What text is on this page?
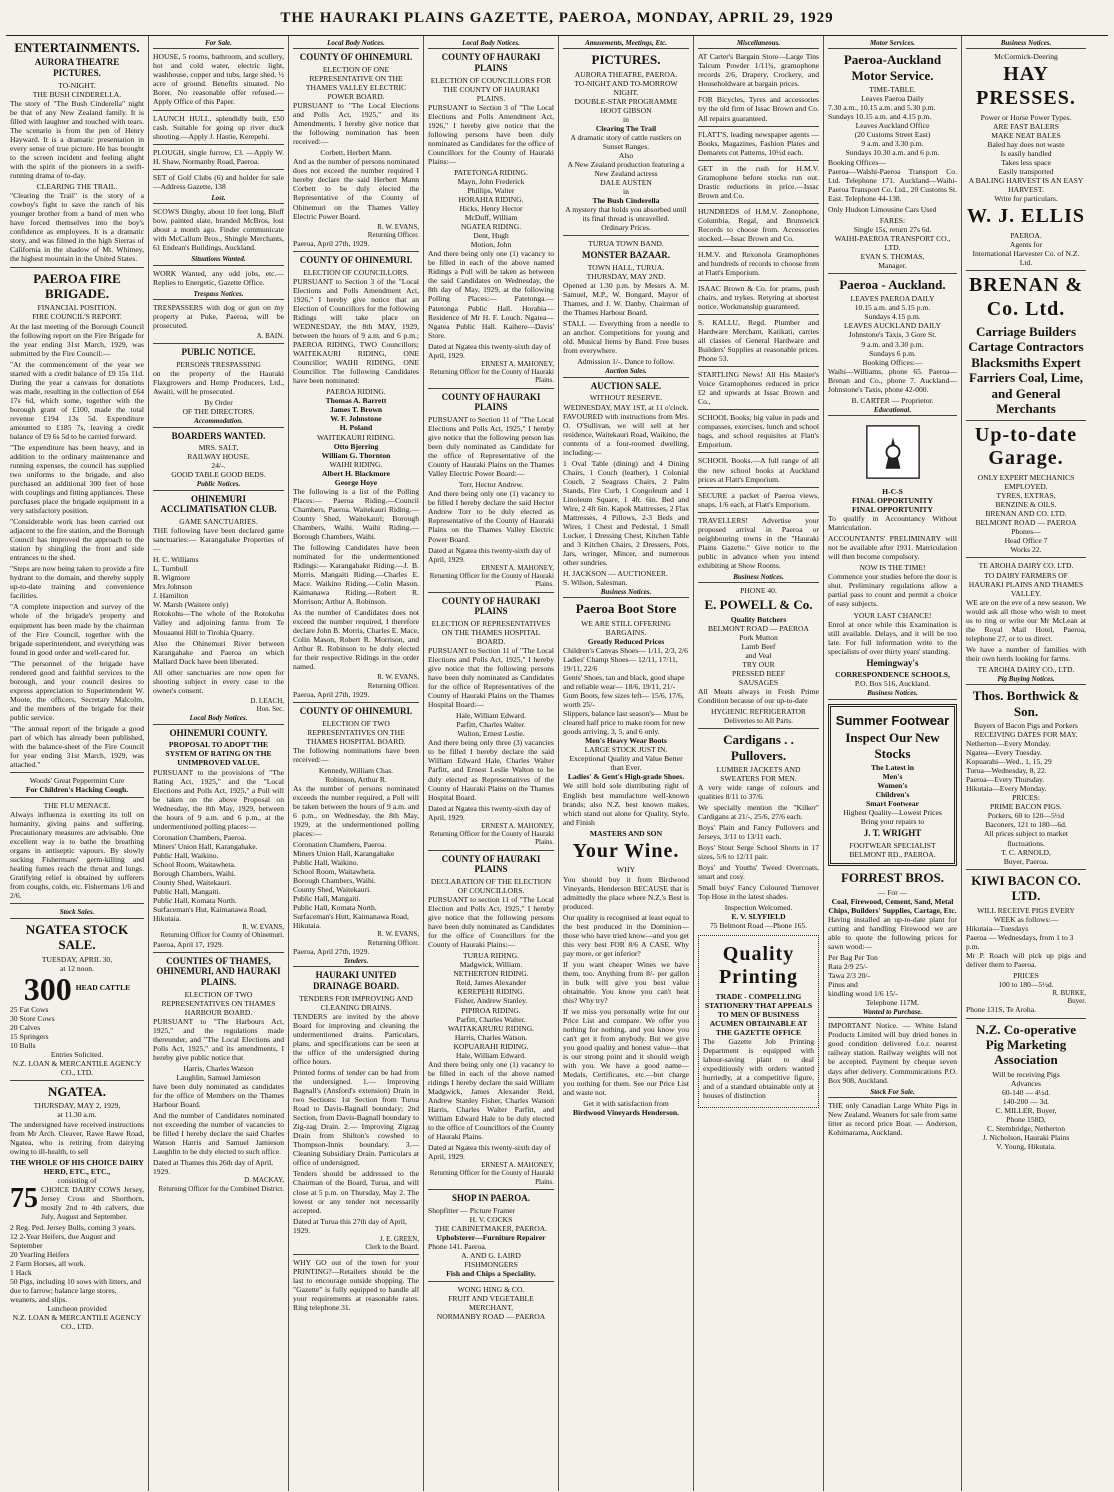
THE HAURAKI PLAINS GAZETTE, PAEROA, MONDAY, APRIL 29, 1929
ENTERTAINMENTS.
AURORA THEATRE PICTURES.
TO-NIGHT.
THE BUSH CINDERELLA.
The story of "The Bush Cinderella" night be that of any New Zealand family. It is filled with laughter and touched with tears. The scenario is from the pen of Henry Hayward. It is a dramatic presentation in every sense of true picture. He has brought to the screen incident and feeling alight with the spirit of the pioneers in a swift-running drama of to-day.
CLEARING THE TRAIL.
"Clearing the Trail" is the story of a cowboy's fight to save the ranch of his younger brother from a band of men who have forced themselves into the boy's confidence as employees. It is a dramatic story, and was filmed in the high Sierras of California in the shadow of Mt. Whitney, the highest mountain in the United States.
PAEROA FIRE BRIGADE.
FINANCIAL POSITION.
FIRE COUNCIL'S REPORT.
At the last meeting of the Borough Council the following report on the Fire Brigade for the year ending 31st March, 1929, was submitted by the Fire Council:—
"At the commencement of the year we started with a credit balance of £9 15s 11d. During the year a canvass for donations was made, resulting in the collection of £64 17s 6d, which some, together with the borough grant of £100, made the total revenue £194 13s 5d. Expenditure amounted to £185 7s, leaving a credit balance of £9 6s 5d to be carried forward.
"The expenditure has been heavy, and in addition to the ordinary maintenance and running expenses, the council has supplied two uniforms to the brigade, and also purchased an additional 300 feet of hose with couplings and fitting appliances. These purchases place the brigade equipment in a very satisfactory position.
"Considerable work has been carried out adjacent to the fire station, and the Borough Council has improved the approach to the station by shingling the front and side entrances to the shed.
"Steps are now being taken to provide a fire hydrant to the domain, and thereby supply up-to-date training and convenience facilities.
"A complete inspection and survey of the whole of the brigade's property and equipment has been made by the chairman of the Fire Council, together with the brigade superintendent, and everything was found in good order and well-cared for.
"The personnel of the brigade have rendered good and faithful services to the borough, and your council desires to express appreciation to Superintendent W. Moote, the officers, Secretary Malcolm, and the members of the brigade for their public service.
"The annual report of the brigade a good part of which has already been published, with the balance-sheet of the Fire Council for year ending 31st March, 1929, was attached."
Woods' Great Peppermint Cure
For Children's Hacking Cough.
THE FLU MENACE.
Always influenza is exerting its toll on humanity, giving pains and suffering. Precautionary measures are advisable. One excellent way is to bathe the breathing organs in antiseptic vapours. By slowly sucking Fishermans' germ-killing and healing fumes reach the throat and lungs. Gratifying relief is obtained by sufferers from coughs, colds, etc. Fishermans 1/6 and 2/6.
Stock Sales.
NGATEA STOCK SALE.
TUESDAY, APRIL 30,
at 12 noon.
300 HEAD CATTLE
25 Fat Cows
30 Store Cows
20 Calves
15 Springers
10 Bulls
Entries Solicited.
N.Z. LOAN & MERCANTILE AGENCY CO., LTD.
NGATEA.
THURSDAY, MAY 2, 1929,
at 11.30 a.m.
The undersigned have received instructions from Mr Arch. Cleaver, Rawe Rawe Road, Ngatea, who is retiring from dairying owing to ill-health, to sell
THE WHOLE OF HIS CHOICE DAIRY HERD, ETC., ETC.,
consisting of
75 CHOICE DAIRY COWS Jersey, Jersey Cross and Shorthorn, mostly 2nd to 4th calvers, due July, August and September.
2 Reg. Ped. Jersey Bulls, coming 3 years.
12 2-Year Heifers, due August and September
20 Yearling Heifers
2 Farm Horses, all work.
1 Hack
50 Pigs, including 10 sows with litters, and due to farrow; balance large stores, weaners, and slips.
Luncheon provided
N.Z. LOAN & MERCANTILE AGENCY CO., LTD.
For Sale.
HOUSE, 5 rooms, bathroom, and scullery, hot and cold water, electric light, washhouse, copper and tubs, large shed, ½ acre of ground. Benefits situated. No Borer. No reasonable offer refused.—Apply Office of this Paper.
LAUNCH HULL, splendidly built, £50 cash. Suitable for going up river duck shooting.—Apply J. Hastie, Kerepehi.
PLOUGH, single furrow, £3. —Apply W. H. Shaw, Normanby Road, Paeroa.
SET of Golf Clubs (6) and holder for sale—Address Gazette, 138
Lost.
SCOWS Dinghy, about 10 feet long, Bluff bow, painted slate, branded McBros, lost about a month ago. Finder communicate with McCallum Bros., Shingle Merchants, 61 Endean's Buildings, Auckland.
Situations Wanted.
WORK Wanted, any odd jobs, etc.—Replies to Energetic, Gazette Office.
Trespass Notices.
TRESPASSERS with dog or gun on my property at Puke, Paeroa, will be prosecuted.
A. BAIN.
PUBLIC NOTICE.
PERSONS TRESPASSING
on the property of the Hauraki Flaxgrowers and Hemp Producers, Ltd., Awaiti, will be prosecuted.
By Order
OF THE DIRECTORS.
Accommodation.
BOARDERS WANTED.
MRS. SALT,
RAILWAY HOUSE.
24/-.
GOOD TABLE GOOD BEDS.
Public Notices.
OHINEMURI ACCLIMATISATION CLUB.
GAME SANCTUARIES.
THE following have been declared game sanctuaries:— Karangahake Properties of—
H. C. Williams
L. Turnbull
R. Wigmore
Mrs Johnson
J. Hamilton
W. Marsh (Waitere only)
Rotokohu—The whole of the Rotokohu Valley and adjoining farms from Te Mouaanui Hill to Tirohia Quarry.
Also the Ohinemuri River between Karangahake and Paeroa on which Mallard Duck have been liberated.
All other sanctuaries are now open for shooting subject in every case to the owner's consent.
D. LEACH,
Hon. Sec.
Local Body Notices.
OHINEMURI COUNTY.
PROPOSAL TO ADOPT THE SYSTEM OF RATING ON THE UNIMPROVED VALUE.
PURSUANT to the provisions of "The Rating Act, 1925," and the "Local Elections and Polls Act, 1925," a Poll will be taken on the above Proposal on Wednesday, the 8th May, 1929, between the hours of 9 a.m. and 6 p.m., at the undermentioned polling places:—
Coronation Chambers, Paeroa.
Miners' Union Hall, Karangahake.
Public Hall, Waikino.
School Room, Waitawheta.
Borough Chambers, Waihi.
County Shed, Waitekauri.
Public Hall, Mangaiti.
Public Hall, Komata North.
Surfaceman's Hut, Kaimanawa Road, Hikutaia.
R. W. EVANS,
Returning Officer for County of Ohinemuri.
Paeroa, April 17, 1929.
COUNTIES OF THAMES, OHINEMURI, AND HAURAKI PLAINS.
ELECTION OF TWO REPRESENTATIVES ON THAMES HARBOUR BOARD.
PURSUANT to "The Harbours Act, 1925," and the regulations made thereunder, and "The Local Elections and Polls Act, 1925," and its amendments, I hereby give public notice that
Harris, Charles Watson
Laughlin, Samuel Jamieson
have been duly nominated as candidates for the office of Members on the Thames Harbour Board.
And the number of Candidates nominated not exceeding the number of vacancies to be filled I hereby declare the said Charles Watson Harris and Samuel Jamieson Laughlin to be duly elected to such office.
Dated at Thames this 26th day of April, 1929.
D. MACKAY,
Returning Officer for the Combined District.
Local Body Notices.
COUNTY OF OHINEMURI.
ELECTION OF ONE REPRESENTATIVE ON THE THAMES VALLEY ELECTRIC POWER BOARD.
PURSUANT to "The Local Elections and Polls Act, 1925," and its Amendments, I hereby give notice that the following nomination has been received:—
Corbett, Herbert Mann.
And as the number of persons nominated does not exceed the number required I hereby declare the said Herbert Mann Corbett to be duly elected the Representative of the County of Ohinemuri on the Thames Valley Electric Power Board.
R. W. EVANS,
Returning Officer.
Paeroa, April 27th, 1929.
COUNTY OF OHINEMURI.
ELECTION OF COUNCILLORS.
PURSUANT to Section 3 of the "Local Elections and Polls Amendment Act, 1926," I hereby give notice that an Election of Councillors for the following Ridings will take place on WEDNESDAY, the 8th MAY, 1929, between the hours of 9 a.m. and 6 p.m.; PAEROA RIDING, TWO Councillors; WAITEKAURI RIDING, ONE Councillor; WAIHI RIDING, ONE Councillor. The following Candidates have been nominated:
PAEROA RIDING.
Thomas A. Barrett
James T. Brown
W. F. Johnstone
H. Poland
WAITEKAURI RIDING.
Otto Bjerring
William G. Thornton
WAIHI RIDING.
Albert H. Blackmore
George Hoye
The following is a list of the Polling Places:— Paeroa Riding.—Council Chambers, Paeroa. Waitekauri Riding.— County Shed, Waitekauri; Borough Chambers, Waihi. Waihi Riding.—Borough Chambers, Waihi.
The following Candidates have been nominated for the undermentioned Ridings:— Karangahake Riding.—J. B. Morris. Mangaiti Riding.—Charles E. Mace. Waikino Riding.—Colin Mason. Kaimanawa Riding.—Robert R. Morrison; Arthur A. Robinson.
As the number of Candidates does not exceed the number required, I therefore declare John B. Morris, Charles E. Mace, Colin Mason, Robert R. Morrison, and Arthur R. Robinson to be duly elected for their respective Ridings in the order named.
R. W. EVANS,
Returning Officer.
Paeroa, April 27th, 1929.
COUNTY OF OHINEMURI.
ELECTION OF TWO REPRESENTATIVES ON THE THAMES HOSPITAL BOARD.
The following nominations have been received:—
Kennedy, William Chas.
Robinson, Arthur R.
As the number of persons nominated exceeds the number required, a Poll will be taken between the hours of 9 a.m. and 6 p.m., on Wednesday, the 8th May, 1929, at the undermentioned polling places:—
Coronation Chambers, Paeroa.
Miners Union Hall, Karangahake
Public Hall, Waikino.
School Room, Waitawheta.
Borough Chambers, Waihi.
County Shed, Waitekauri.
Public Hall, Mangaiti.
Public Hall, Komata North.
Surfaceman's Hutt, Kaimanawa Road, Hikutaia.
R. W. EVANS,
Returning Officer.
Paeroa, April 27th, 1929.
Tenders.
HAURAKI UNITED DRAINAGE BOARD.
TENDERS FOR IMPROVING AND CLEANING DRAINS.
TENDERS are invited by the above Board for improving and cleaning the undermentioned drains. Particulars, plans, and specifications can be seen at the office of the undersigned during office hours.
Printed forms of tender can be had from the undersigned. 1.— Improving Bagnall's (Ansford's extension) Drain in two Sections: 1st Section from Turua Road to Davis-Bagnall boundary; 2nd Section, from Davis-Bagnall boundary to Zig-zag Drain. 2.— Improving Zigzag Drain from Shilton's cowshed to Thompson-Innis boundary. 3.— Cleaning Subsidiary Drain. Particulars at office of undersigned.
Tenders should be addressed to the Chairman of the Board, Turua, and will close at 5 p.m. on Thursday, May 2. The lowest or any tender not necessarily accepted.
Dated at Turua this 27th day of April, 1929.
J. E. GREEN,
Clerk to the Board.
WHY GO out of the town for your PRINTING?—Retailers should be the last to encourage outside shopping. The "Gazette" is fully equipped to handle all your requirements at reasonable rates. Ring telephone 31.
Local Body Notices.
COUNTY OF HAURAKI PLAINS
ELECTION OF COUNCILLORS FOR THE COUNTY OF HAURAKI PLAINS.
PURSUANT to Section 3 of "The Local Elections and Polls Amendment Act, 1926," I hereby give notice that the following persons have been duly nominated as Candidates for the office of Councillors for the County of Hauraki Plains:—
PATETONGA RIDING.
Mayn, John Frederick
Phillips, Walter
HORAHIA RIDING.
Hicks, Henry Hector
McDuff, William
NGATEA RIDING.
Dent, Hugh
Motion, John
And there being only one (1) vacancy to be filled in each of the above named Ridings a Poll will be taken as between the said Candidates on Wednesday, the 8th day of May, 1929, at the following Polling Places:— Patetonga.— Patetonga Public Hall. Horahia—Residence of Mr H. F. Louch. Ngatea—Ngatea Public Hall. Kaihere—Davis' Store.
Dated at Ngatea this twenty-sixth day of April, 1929.
ERNEST A. MAHONEY,
Returning Officer for the County of Hauraki Plains.
COUNTY OF HAURAKI PLAINS
PURSUANT to Section 11 of "The Local Elections and Polls Act, 1925," I hereby give notice that the following person has been duly nominated as Candidate for the office of Representative of the County of Hauraki Plains on the Thames Valley Electric Power Board:—
Torr, Hector Andrew.
And there being only one (1) vacancy to be filled I hereby declare the said Hector Andrew Torr to be duly elected as Representative of the County of Hauraki Plains on the Thames Valley Electric Power Board.
Dated at Ngatea this twenty-sixth day of April, 1929.
ERNEST A. MAHONEY,
Returning Officer for the County of Hauraki Plains.
COUNTY OF HAURAKI PLAINS
ELECTION OF REPRESENTATIVES ON THE THAMES HOSPITAL BOARD.
PURSUANT to Section 11 of "The Local Elections and Polls Act, 1925," I hereby give notice that the following persons have been duly nominated as Candidates for the office of Representatives of the County of Hauraki Plains on the Thames Hospital Board:—
Hale, William Edward.
Parfitt, Charles Walter.
Walton, Ernest Leslie.
And there being only three (3) vacancies to be filled I hereby declare the said William Edward Hale, Charles Walter Parfitt, and Ernest Leslie Walton to be duly elected as Representatives of the County of Hauraki Plains on the Thames Hospital Board.
Dated at Ngatea this twenty-sixth day of April, 1929.
ERNEST A. MAHONEY,
Returning Officer for the County of Hauraki Plains.
COUNTY OF HAURAKI PLAINS
DECLARATION OF THE ELECTION OF COUNCILLORS.
PURSUANT to section 11 of "The Local Election and Polls Act, 1925," I hereby give notice that the following persons have been duly nominated as Candidates for the office of Councillors for the County of Hauraki Plains:—
TURUA RIDING.
Madgwick, William.
NETHERTON RIDING.
Reid, James Alexander
KEREPEHI RIDING.
Fisher, Andrew Stanley.
PIPIROA RIDING.
Parfitt, Charles Walter.
WAITAKARURU RIDING.
Harris, Charles Watson.
KOPUARAHI RIDING.
Hale, William Edward.
And there being only one (1) vacancy to be filled in each of the above named ridings I hereby declare the said William Madgwick, James Alexander Reid, Andrew Stanley Fisher, Charles Watson Harris, Charles Walter Parfitt, and William Edward Hale to be duly elected to the office of Councillors of the County of Hauraki Plains.
Dated at Ngatea this twenty-sixth day of April, 1929.
ERNEST A. MAHONEY,
Returning Officer for the County of Hauraki Plains.
SHOP IN PAEROA.
Shopfitter — Picture Framer
H. V. COCKS
THE CABINETMAKER, PAEROA.
Upholsterer—Furniture Repairer
Phone 141. Paeroa.
A. AND G. LAIRD
FISHMONGERS
Fish and Chips a Speciality.
WONG HING & CO.
FRUIT AND VEGETABLE MERCHANT,
NORMANBY ROAD — PAEROA
Amusements, Meetings, Etc.
PICTURES.
AURORA THEATRE, PAEROA.
TO-NIGHT AND TO-MORROW NIGHT.
DOUBLE-STAR PROGRAMME
HOOT GIBSON
in
Clearing The Trail
A dramatic story of cattle rustlers on Sunset Ranges.
Also
A New Zealand production featuring a New Zealand actress
DALE AUSTEN
in
The Bush Cinderella
A mystery that holds you absorbed until its final thread is unravelled.
Ordinary Prices.
TURUA TOWN BAND.
MONSTER BAZAAR.
TOWN HALL, TURUA.
THURSDAY, MAY 2ND.
Opened at 1.30 p.m. by Messrs A. M. Samuel, M.P., W. Bongard, Mayor of Thames, and J. W. Danby, Chairman of the Thames Harbour Board.
STALL — Everything from a needle to an anchor. Competitions for young and old. Musical Items by Band. Free buses from everywhere.
Admission 1/-. Dance to follow.
Auction Sales.
AUCTION SALE.
WITHOUT RESERVE.
WEDNESDAY, MAY 1ST, at 11 o'clock.
FAVOURED with instructions from Mrs. O. O'Sullivan, we will sell at her residence, Waitekauri Road, Waikino, the contents of a four-roomed dwelling, including:—
1 Oval Table (dining) and 4 Dining Chairs, 1 Couch (leather), 1 Colonial Couch, 2 Seagrass Chairs, 2 Palm Stands, Fire Curb, 1 Congoleum and 1 Linoleum Square, 1 4ft. 6in. Bed and Wire, 2 4ft 6in. Kapok Mattresses, 2 Flax Mattresses, 4 Pillows, 2-3 Beds and Wires, 1 Chest and Pedestal, 1 Small Locker, 1 Dressing Chest, Kitchen Table and 3 Kitchen Chairs, 2 Dressers, Pots, Jars, wringer, Mincer, and numerous other sundries.
H. JACKSON — AUCTIONEER.
S. Wilson, Salesman.
Business Notices.
Paeroa Boot Store
WE ARE STILL OFFERING BARGAINS.
Greatly Reduced Prices
Children's Canvas Shoes— 1/11, 2/3, 2/6
Ladies' Champ Shoes— 12/11, 17/11, 19/11, 22/6
Gents' Shoes, tan and black, good shape and reliable wear— 18/6, 19/11, 21/-
Gum Boots, few sizes left— 15/6, 17/6, worth 25/-
Slippers, balance last season's— Must be cleared half price to make room for new goods arriving, 3, 5, and 6 only.
Men's Heavy Wear Boots
LARGE STOCK JUST IN.
Exceptional Quality and Value Better than Ever.
Ladies' & Gent's High-grade Shoes.
We still hold sole distributing right of English best manufacture well-known brands; also N.Z. best known makes, which stand out alone for Quality, Style, and Finish
MASTERS AND SON
Your Wine.
WHY
You should buy it from Birdwood Vineyards, Henderson BECAUSE that is admittedly the place where N.Z.'s Best is produced.
Our quality is recognised at least equal to the best produced in the Dominion—those who have tried know—and you get this very best FOR 8/6 A CASE. Why pay more, or get inferior?
If you want cheaper Wines we have them, too. Anything from 8/- per gallon in bulk will give you best value obtainable. You know you can't beat this? Why try?
If we miss you personally write for our Price List and compare. We offer you nothing for nothing, and you know you can't get it from anybody. But we give you good quality and honest value—that is our strong point and it should weigh with you. We have a good name—Medals, Certificates, etc.—but charge you nothing for them. See our Price List and waste not.
Get it with satisfaction from
Birdwood Vineyards Henderson.
Miscellaneous.
AT Carter's Bargain Store—Large Tins Talcum Powder 1/11¾, gramophone records 2/6, Drapery, Crockery, and Householdware at bargain prices.
FOR Bicycles, Tyres and accessories try the old firm of Issac Brown and Co. All repairs guaranteed.
FLATT'S, leading newspaper agents — Books, Magazines, Fashion Plates and Demarets cut Patterns, 10½d each.
GET in the rush for H.M.V. Gramophone before stocks run out. Drastic reductions in price.—Issac Brown and Co.
HUNDREDS of H.M.V. Zonophone, Columbia, Regal, and Brunswick Records to choose from. Accessories stocked.—Issac Brown and Co.
H.M.V. and Rexonola Gramophones and hundreds of records to choose from at Flatt's Emporium.
ISAAC Brown & Co. for prams, push chairs, and trykes. Retyring at shortest notice. Workmanship guaranteed.
S. KALLU, Regd. Plumber and Hardware Merchant, Katikati, carries all classes of General Hardware and Builders' Supplies at reasonable prices. Phone 53.
STARTLING News! All His Master's Voice Gramophones reduced in price £2 and upwards at Issac Brown and Co.,
SCHOOL Books; big value in pads and compasses, exercises, lunch and school bags, and school requisites at Flatt's Emporium.
SCHOOL Books.—A full range of all the new school books at Auckland prices at Flatt's Emporium.
SECURE a packet of Paeroa views, snaps, 1/6 each, at Flatt's Emporium.
TRAVELLERS! Advertise your proposed arrival in Paeroa or neighbouring towns in the "Hauraki Plains Gazette." Give notice to the public in advance when you intend exhibiting at Show Rooms.
Business Notices.
PHONE 40.
E. POWELL & Co.
Quality Butchers
BELMONT ROAD — PAEROA
Pork Mutton
Lamb Beef
and Veal
TRY OUR
PRESSED BEEF
SAUSAGES
All Meats always in Fresh Prime Condition because of our up-to-date
HYGIENIC REFRIGERATOR
Deliveries to All Parts.
Cardigans . . Pullovers.
LUMBER JACKETS AND SWEATERS FOR MEN.
A very wide range of colours and qualities 8/11 to 37/6.
We specially mention the "Kilker" Cardigans at 21/-, 25/6, 27/6 each.
Boys' Plain and Fancy Pullovers and Jerseys, 3/11 to 13/11 each.
Boys' Stout Serge School Shorts in 17 sizes, 5/6 to 12/11 pair.
Boys' and Youths' Tweed Overcoats, smart and cosy.
Small boys' Fancy Coloured Turnover Top Hose in the latest shades.
Inspection Welcomed.
E. V. SLYFIELD
75 Belmont Road —Phone 165.
Quality Printing
TRADE - COMPELLING STATIONERY THAT APPEALS TO MEN OF BUSINESS ACUMEN OBTAINABLE AT THE GAZETTE OFFICE
The Gazette Job Printing Department is equipped with labour-saving plant to deal expeditiously with orders wanted hurriedly, at a competitive figure, and of a standard obtainable only at houses of distinction
Motor Services.
Paeroa-Auckland Motor Service.
TIME-TABLE.
Leaves Paeroa Daily
7.30 a.m., 10.15 a.m. and 5.30 p.m.
Sundays 10.15 a.m. and 4.15 p.m.
Leaves Auckland Office
(20 Customs Street East)
9 a.m. and 3.30 p.m.
Sundays 10.30 a.m. and 6 p.m.
Booking Offices—
Paeroa—Walshi-Paeroa Transport Co. Ltd. Telephone 171. Auckland—Waihi-Paeroa Transport Co. Ltd., 20 Customs St. East. Telephone 44-138.
Only Hudson Limousine Cars Used
FARES:
Single 15s, return 27s 6d.
WAIHI-PAEROA TRANSPORT CO., LTD.
EVAN S. THOMAS,
Manager.
Paeroa - Auckland.
LEAVES PAEROA DAILY
10.15 a.m. and 5.15 p.m.
Sundays 4.15 p.m.
LEAVES AUCKLAND DAILY
Johnstone's Taxis, 3 Gore St.
9 a.m. and 3.30 p.m.
Sundays 6 p.m.
Booking Offices:—
Waihi—Williams, phone 65. Paeroa—Brenan and Co., phone 7. Auckland—Johnstone's Taxis, phone 42-000.
B. CARTER — Proprietor.
Educational.
H-C-S
FINAL OPPORTUNITY
FINAL OPPORTUNITY
To qualify in Accountancy Without Matriculation.
ACCOUNTANTS' PRELIMINARY will not be available after 1931. Matriculation will then become compulsory.
NOW IS THE TIME!
Commence your studies before the door is shut. Preliminary regulations allow a partial pass to count and permit a choice of easy subjects.
YOUR LAST CHANCE!
Enrol at once while this Examination is still available. Delays, and it will be too late. For full information write to the specialists of over thirty years' standing.
Hemingway's
CORRESPONDENCE SCHOOLS,
P.O. Box 516, Auckland.
Business Notices.
Summer Footwear
Inspect Our New Stocks
The Latest in
Men's
Women's
Children's
Smart Footwear
Highest Quality—Lowest Prices
Bring your repairs to
J. T. WRIGHT
FOOTWEAR SPECIALIST
BELMONT RD., PAEROA.
FORREST BROS.
— For —
Coal, Firewood, Cement, Sand, Metal Chips, Builders' Supplies, Cartage, Etc.
Having installed an up-to-date plant for cutting and handling Firewood we are able to quote the following prices for sawn wood:—
Per Bag Per Ton
Rata 2/9 25/-
Tawa 2/3 20/-
Pinus and
kindling wood 1/6 15/-
Telephone 117M.
Wanted to Purchase.
IMPORTANT Notice. — White Island Products Limited will buy dried bones in good condition delivered f.o.r. nearest railway station. Railway weights will not be accepted. Payment by cheque seven days after delivery. Communications P.O. Box 908, Auckland.
Stock For Sale.
THE only Canadian Large White Pigs in New Zealand. Weaners for sale from same litter as record price Boar. — Anderson, Kohimarama, Auckland.
Business Notices.
McCormick-Deering
HAY PRESSES.
Power or Horse Power Types.
ARE FAST BALERS
MAKE NEAT BALES
Baled hay does not waste
Is easily handled
Takes less space
Easily transported
A BALING HARVEST IS AN EASY HARVEST.
Write for particulars.
W. J. ELLIS
PAEROA.
Agents for
International Harvester Co. of N.Z. Ltd.
BRENAN & Co. Ltd.
Carriage Builders Cartage Contractors Blacksmiths Expert Farriers Coal, Lime, and General Merchants
Up-to-date Garage.
ONLY EXPERT MECHANICS EMPLOYED.
TYRES, EXTRAS,
BENZINE & OILS.
BRENAN AND CO. LTD.
BELMONT ROAD — PAEROA
Phones—
Head Office 7
Works 22.
TE AROHA DAIRY CO. LTD.
TO DAIRY FARMERS OF HAURAKI PLAINS AND THAMES VALLEY.
WE are on the eve of a new season. We would ask all those who wish to meet us to ring or write our Mr McLean at the Royal Mail Hotel, Paeroa, telephone 27, or to us direct.
We have a number of families with their own herds looking for farms.
TE AROHA DAIRY CO., LTD.
Pig Buying Notices.
Thos. Borthwick & Son.
Buyers of Bacon Pigs and Porkers
RECEIVING DATES FOR MAY.
Netherton—Every Monday.
Ngatea—Every Tuesday.
Kopuarahi—Wed., 1, 15, 29
Turua—Wednesday, 8, 22.
Paeroa—Every Thursday.
Hikutaia—Every Monday.
PRICES:
PRIME BACON PIGS.
Porkers, 60 to 120—5½d
Baconers, 121 to 180—6d.
All prices subject to market fluctuations.
T. C. ARNOLD,
Buyer, Paeroa.
KIWI BACON CO. LTD.
WILL RECEIVE PIGS EVERY WEEK as follows:—
Hikutaia—Tuesdays
Paeroa — Wednesdays, from 1 to 3 p.m.
Mr P. Roach will pick up pigs and deliver them to Paeroa.
PRICES
100 to 180—5½d.
R. BURKE,
Buyer.
Phone 131S, Te Aroha.
N.Z. Co-operative Pig Marketing Association
Will be receiving Pigs
Advances
60-140 — 4½d.
140-200 — 3d.
C. MILLER, Buyer,
Phone 158D,
C. Stembridge, Netherton
J. Nicholson, Hauraki Plains
V. Young, Hikutaia.
